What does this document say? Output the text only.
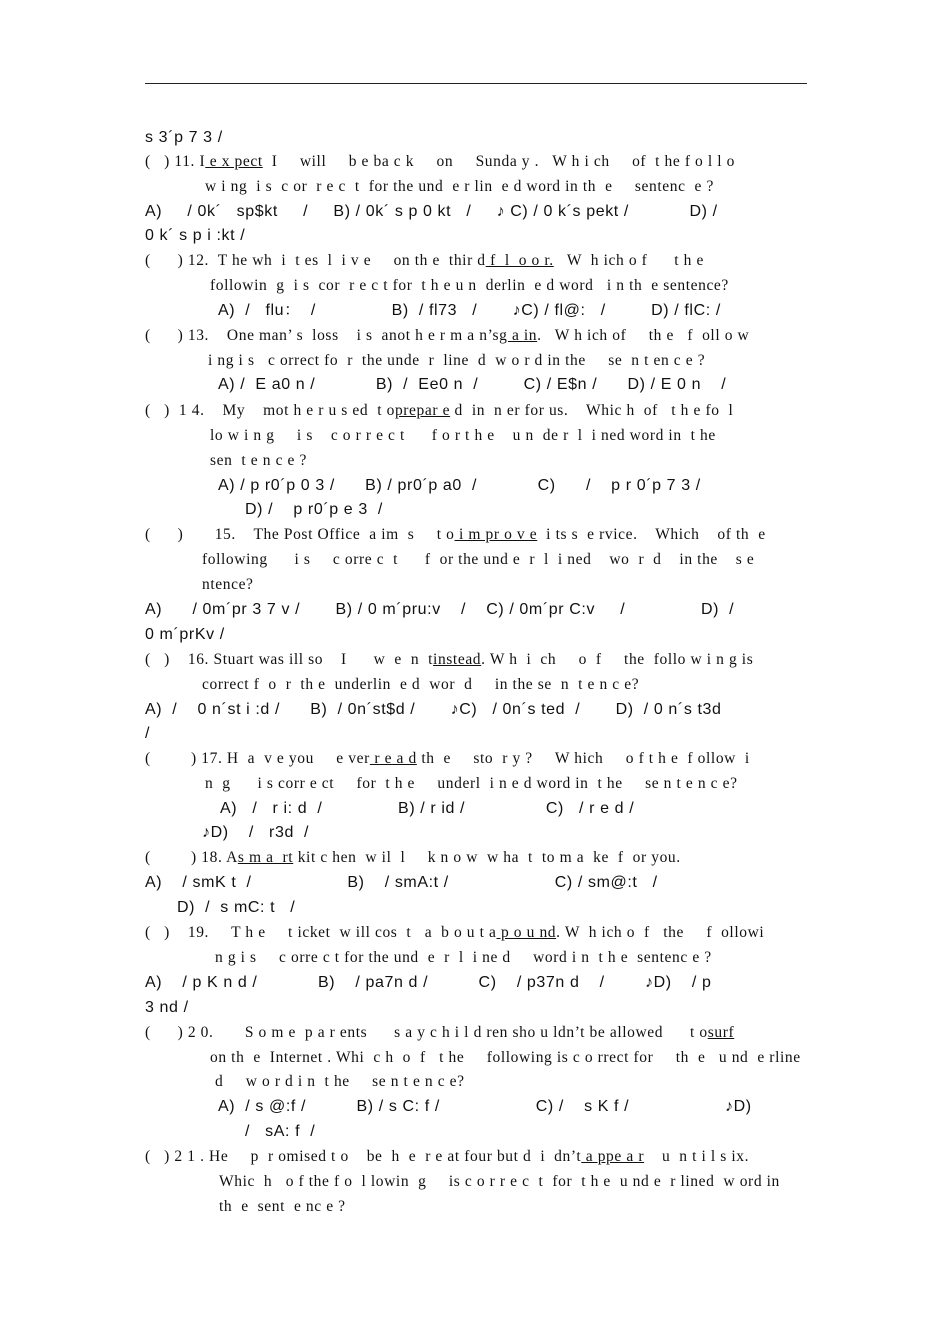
s 3´p 7 3 /
(   ) 11. I e x pect  I     will     b e ba c k     on     Sunda y .   W h i ch     of  t he f o l l o
w i ng  i s  c or  r e c  t  for the und  e r lin  e d word in th  e     sentenc  e ?
A)     / 0k´   sp$kt     /     B) / 0k´ s p 0 kt   /     ♪ C) / 0 k´s pekt /            D) /
0 k´ s p i :kt /
(      ) 12.  T he wh  i  t es  l  i v e     on th e  thir d f  l  o o r.   W  h ich o f      t h e
followin  g  i s  cor  r e c t for  t h e u n  derlin  e d word   i n th  e sentence?
A)  /   flu：  /               B)  / fl73   /       ♪C) / fl@:   /         D) / flC: /
(      ) 13.    One man’ s  loss    i s  anot h e r m a n’sg a in.   W h ich of     th e   f  oll o w
i ng i s   c orrect fo  r  the unde  r  line  d  w o r d in the     se  n t en c e ?
A) /  E a0 n /            B)  /  Ee0 n  /         C) / E$n /      D) / E 0 n    /
(   )  1 4.    My    mot h e r u s ed  t oprepar e d  in  n er for us.    Whic h  of   t h e fo  l
lo w i n g     i s    c o r r e c t      f o r t h e    u n  de r  l  i ned word in  t he
sen  t e n c e ?
A) / p r0´p 0 3 /      B) / pr0´p a0  /            C)      /    p r 0´p 7 3 /
D) /    p r0´p e 3  /
(      )       15.    The Post Office  a im  s     t o i m pr o v e  i ts s  e rvice.    Which    of th  e
following      i s     c orre c  t      f  or the und e  r  l  i ned    wo  r  d    in the    s e
ntence?
A)      / 0m´pr 3 7 v /       B) / 0 m´pru:v    /    C) / 0m´pr C:v     /               D)  /
0 m´prKv /
(   )    16. Stuart was ill so    I      w  e  n  tinstead. W h  i  ch     o  f     the  follo w i n g is
correct f  o  r  th e  underlin  e d  wor  d     in the se  n  t e n c e?
A)  /    0 n´st i :d /      B)  / 0n´st$d /       ♪C)   / 0n´s ted  /       D)  / 0 n´s t3d
/
(         ) 17. H  a  v e you     e ver r e a d th  e     sto  r y ?     W hich     o f t h e  f ollow  i
n  g      i s corr e ct     for  t h e     underl  i n e d word in  t he     se n t e n c e?
A)   /   r i: d  /               B) / r id /                C)   / r e d /
♪D)    /   r3d  /
(         ) 18. As m a  rt kit c hen  w il  l     k n o w  w ha  t  to m a  ke  f  or you.
A)    / smK t  /                   B)    / smA:t /                     C) / sm@:t   /
D)  /  s mC: t   /
(   )    19.     T h e     t icket  w ill cos  t   a  b o u t a p o u nd. W  h ich o  f   the     f  ollowi
n g i s     c orre c t for the und  e  r  l  i ne d     word i n  t h e  sentenc e ?
A)    / p K n d /            B)    / pa7n d /          C)    / p37n d    /        ♪D)    / p
3 nd /
(      ) 2 0.       S o m e  p a r ents      s a y c h i l d ren sho u ldn’t be allowed      t osurf
on th  e  Internet . Whi  c h  o  f   t he     following is c o rrect for     th  e   u nd  e rline
d     w o r d i n  t he     se n t e n c e?
A)  / s @:f /          B) / s C: f /                   C) /    s K f /                   ♪D)
/   sA: f  /
(   ) 2 1 . He     p  r omised t o    be  h  e  r e at four but d  i  dn’t a ppe a r    u  n t i l s ix.
Whic  h   o f the f o  l lowin  g     is c o r r e c  t  for  t h e  u nd e  r lined  w ord in
th  e  sent  e nc e ?
